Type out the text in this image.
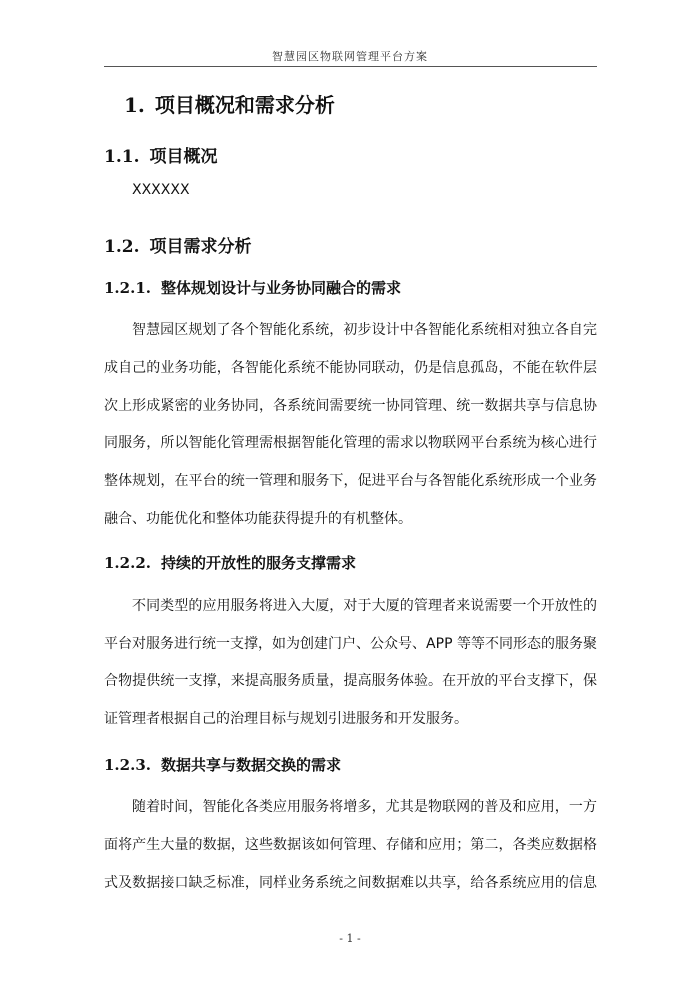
智慧园区物联网管理平台方案
1. 项目概况和需求分析
1.1. 项目概况
XXXXXX
1.2. 项目需求分析
1.2.1. 整体规划设计与业务协同融合的需求
智慧园区规划了各个智能化系统，初步设计中各智能化系统相对独立各自完
成自己的业务功能，各智能化系统不能协同联动，仍是信息孤岛，不能在软件层
次上形成紧密的业务协同，各系统间需要统一协同管理、统一数据共享与信息协
同服务，所以智能化管理需根据智能化管理的需求以物联网平台系统为核心进行
整体规划，在平台的统一管理和服务下，促进平台与各智能化系统形成一个业务
融合、功能优化和整体功能获得提升的有机整体。
1.2.2. 持续的开放性的服务支撑需求
不同类型的应用服务将进入大厦，对于大厦的管理者来说需要一个开放性的
平台对服务进行统一支撑，如为创建门户、公众号、APP 等等不同形态的服务聚
合物提供统一支撑，来提高服务质量，提高服务体验。在开放的平台支撑下，保
证管理者根据自己的治理目标与规划引进服务和开发服务。
1.2.3. 数据共享与数据交换的需求
随着时间，智能化各类应用服务将增多，尤其是物联网的普及和应用，一方
面将产生大量的数据，这些数据该如何管理、存储和应用；第二，各类应数据格
式及数据接口缺乏标准，同样业务系统之间数据难以共享，给各系统应用的信息
- 1 -
